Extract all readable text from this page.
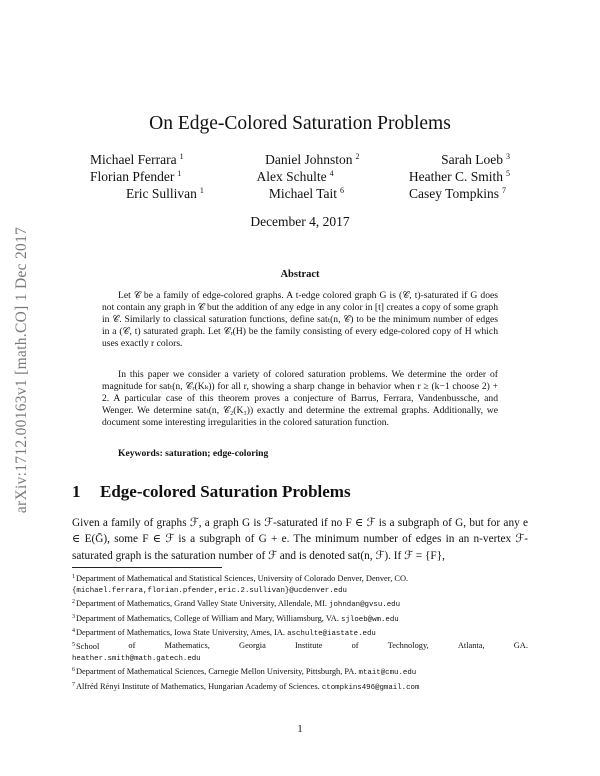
arXiv:1712.00163v1 [math.CO] 1 Dec 2017
On Edge-Colored Saturation Problems
Michael Ferrara $^1$	Daniel Johnston $^2$	Sarah Loeb $^3$
Florian Pfender $^1$	Alex Schulte $^4$	Heather C. Smith $^5$
Eric Sullivan $^1$	Michael Tait $^6$	Casey Tompkins $^7$
December 4, 2017
Abstract

Let 𝒞 be a family of edge-colored graphs. A t-edge colored graph G is (𝒞, t)-saturated if G does not contain any graph in 𝒞 but the addition of any edge in any color in [t] creates a copy of some graph in 𝒞. Similarly to classical saturation functions, define satₜ(n, 𝒞) to be the minimum number of edges in a (𝒞, t) saturated graph. Let 𝒞ᵣ(H) be the family consisting of every edge-colored copy of H which uses exactly r colors.

In this paper we consider a variety of colored saturation problems. We determine the order of magnitude for satₜ(n, 𝒞ᵣ(Kₖ)) for all r, showing a sharp change in behavior when r ≥ (k−1 choose 2) + 2. A particular case of this theorem proves a conjecture of Barrus, Ferrara, Vandenbussche, and Wenger. We determine satₜ(n, 𝒞₂(K₃)) exactly and determine the extremal graphs. Additionally, we document some interesting irregularities in the colored saturation function.

Keywords: saturation; edge-coloring
1 Edge-colored Saturation Problems

Given a family of graphs ℱ, a graph G is ℱ-saturated if no F ∈ ℱ is a subgraph of G, but for any e ∈ E(Ḡ), some F ∈ ℱ is a subgraph of G + e. The minimum number of edges in an n-vertex ℱ-saturated graph is the saturation number of ℱ and is denoted sat(n, ℱ). If ℱ = {F},

$^1$Department of Mathematical and Statistical Sciences, University of Colorado Denver, Denver, CO.
{michael.ferrara,florian.pfender,eric.2.sullivan}@ucdenver.edu
$^2$Department of Mathematics, Grand Valley State University, Allendale, MI. johndan@gvsu.edu
$^3$Department of Mathematics, College of William and Mary, Williamsburg, VA. sjloeb@wm.edu
$^4$Department of Mathematics, Iowa State University, Ames, IA. aschulte@iastate.edu
$^5$School	of	Mathematics,	Georgia	Institute	of	Technology,	Atlanta,	GA.
heather.smith@math.gatech.edu
$^6$Department of Mathematical Sciences, Carnegie Mellon University, Pittsburgh, PA. mtait@cmu.edu
$^7$Alfréd Rényi Institute of Mathematics, Hungarian Academy of Sciences. ctompkins496@gmail.com
1
